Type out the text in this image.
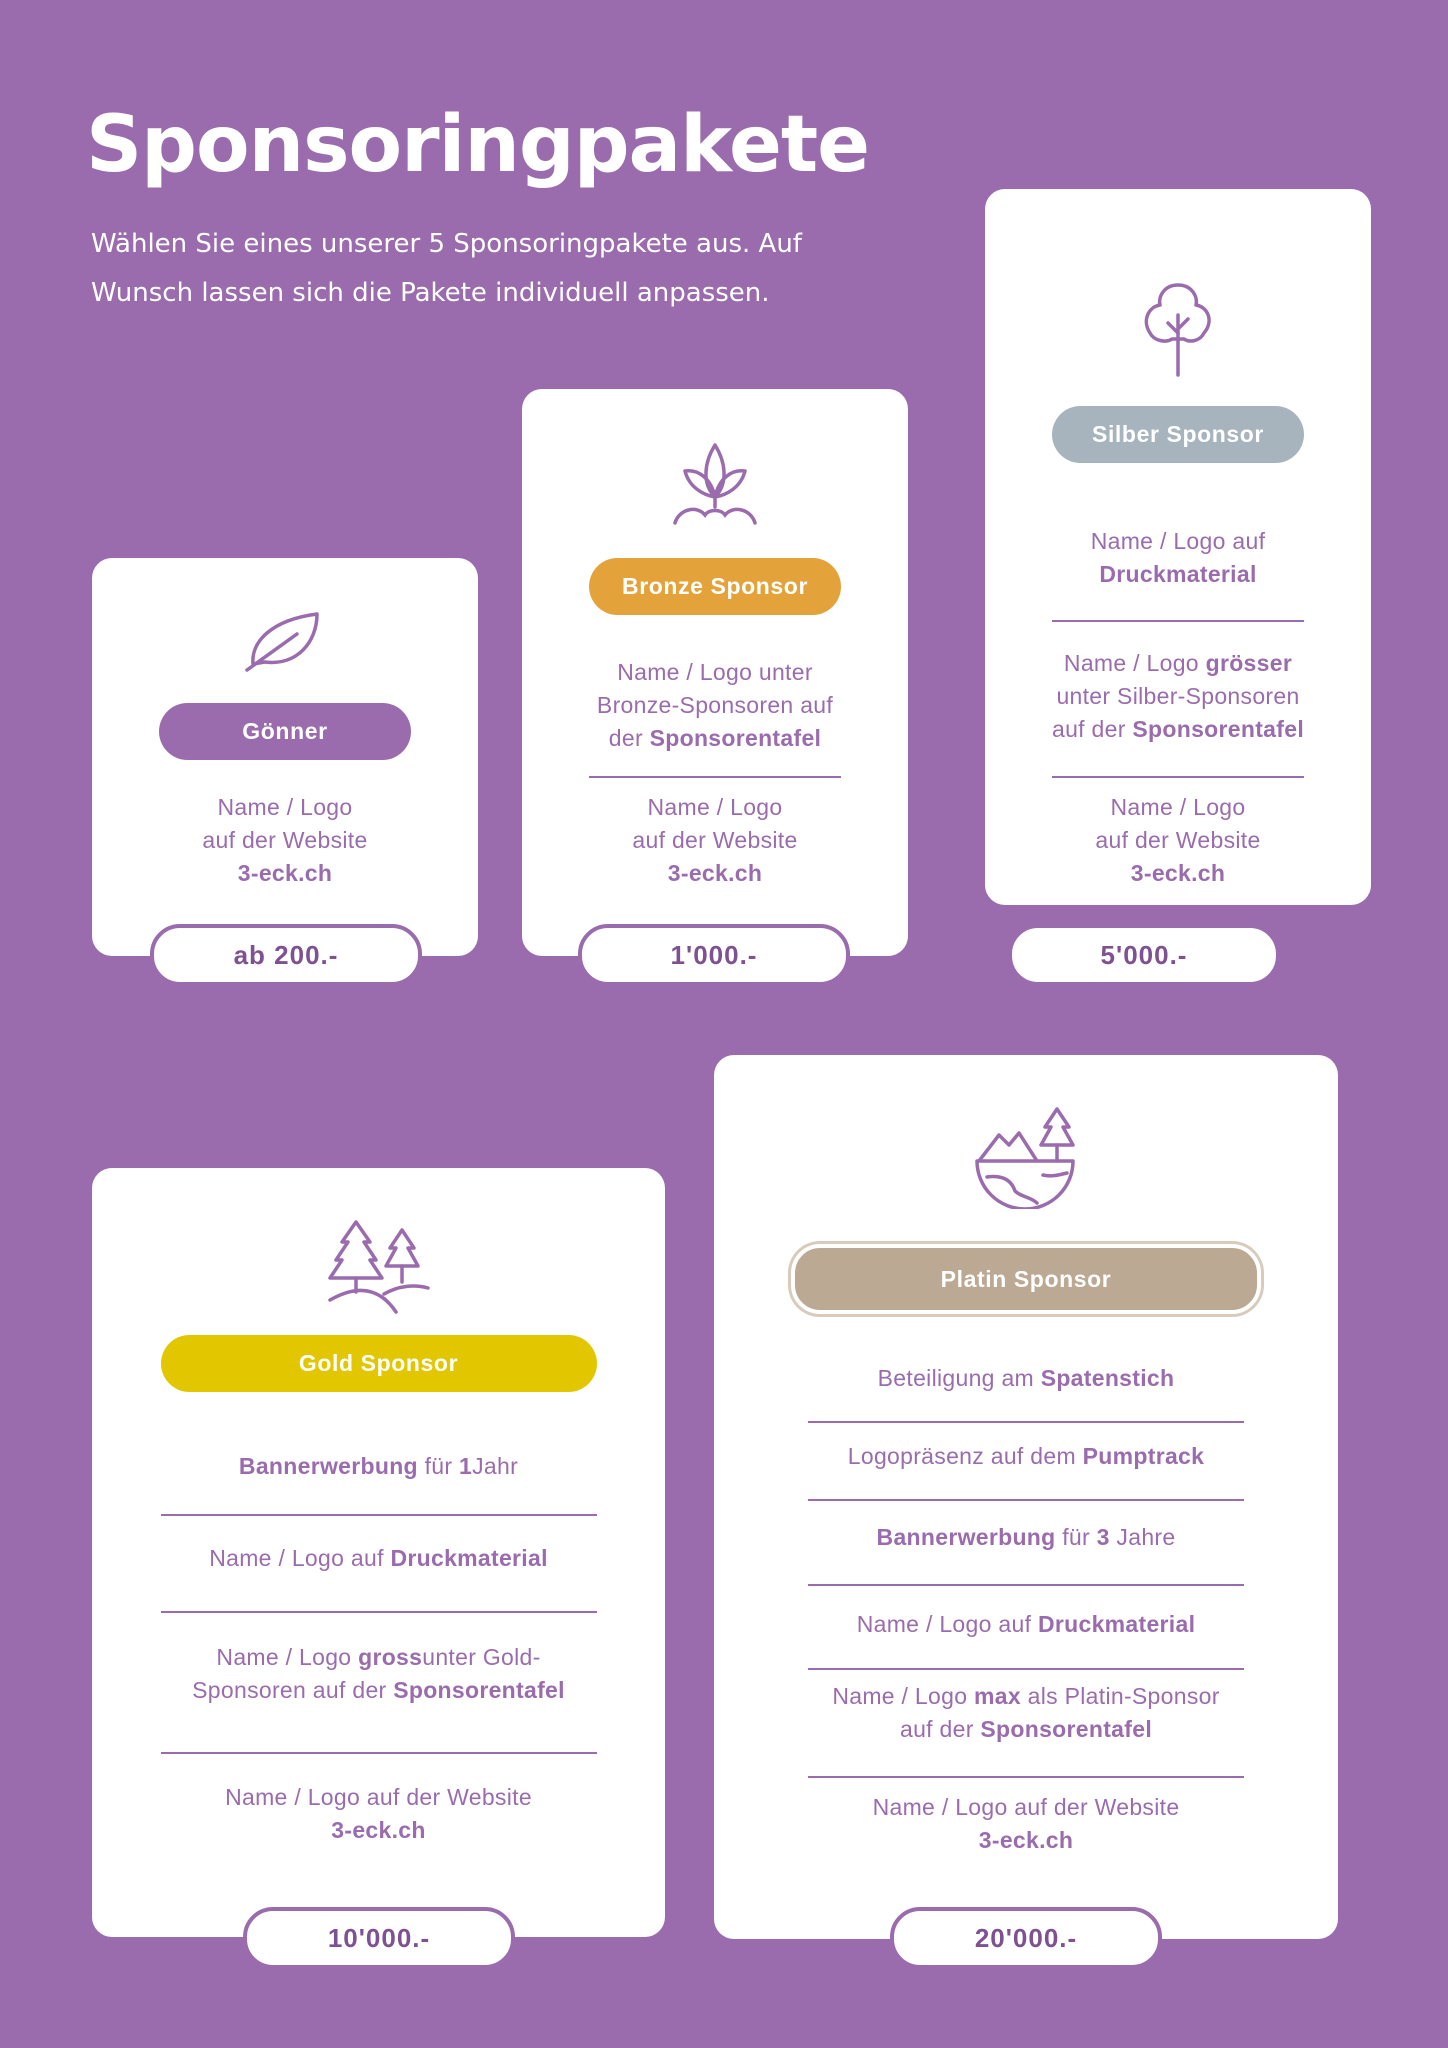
Sponsoringpakete

Wählen Sie eines unserer 5 Sponsoringpakete aus. Auf
Wunsch lassen sich die Pakete individuell anpassen.

Gönner

Name / Logo
auf der Website
3-eck.ch

ab 200.-
Bronze Sponsor

Name / Logo unter
Bronze-Sponsoren auf
der Sponsorentafel

Name / Logo
auf der Website
3-eck.ch

1'000.-
Silber Sponsor

Name / Logo auf
Druckmaterial

Name / Logo grösser
unter Silber-Sponsoren
auf der Sponsorentafel

Name / Logo
auf der Website
3-eck.ch

5'000.-
Gold Sponsor

Bannerwerbung für 1Jahr

Name / Logo auf Druckmaterial

Name / Logo grossunter Gold-
Sponsoren auf der Sponsorentafel

Name / Logo auf der Website
3-eck.ch

10'000.-
Platin Sponsor

Beteiligung am Spatenstich

Logopräsenz auf dem Pumptrack

Bannerwerbung für 3 Jahre

Name / Logo auf Druckmaterial

Name / Logo max als Platin-Sponsor
auf der Sponsorentafel

Name / Logo auf der Website
3-eck.ch

20'000.-
